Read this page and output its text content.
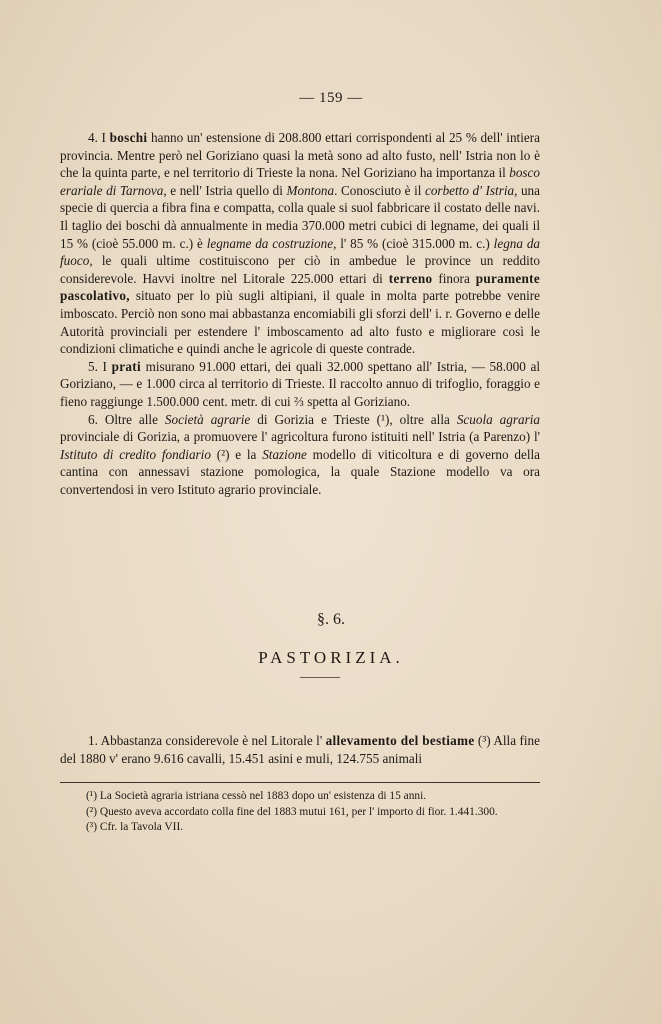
— 159 —

4. I boschi hanno un' estensione di 208.800 ettari corrispondenti al 25 % dell' intiera provincia. Mentre però nel Goriziano quasi la metà sono ad alto fusto, nell' Istria non lo è che la quinta parte, e nel territorio di Trieste la nona. Nel Goriziano ha importanza il bosco erariale di Tarnova, e nell' Istria quello di Montona. Conosciuto è il corbetto d' Istria, una specie di quercia a fibra fina e compatta, colla quale si suol fabbricare il costato delle navi. Il taglio dei boschi dà annualmente in media 370.000 metri cubici di legname, dei quali il 15 % (cioè 55.000 m. c.) è legname da costruzione, l' 85 % (cioè 315.000 m. c.) legna da fuoco, le quali ultime costituiscono per ciò in ambedue le province un reddito considerevole. Havvi inoltre nel Litorale 225.000 ettari di terreno finora puramente pascolativo, situato per lo più sugli altipiani, il quale in molta parte potrebbe venire imboscato. Perciò non sono mai abbastanza encomiabili gli sforzi dell' i. r. Governo e delle Autorità provinciali per estendere l' imboscamento ad alto fusto e migliorare così le condizioni climatiche e quindi anche le agricole di queste contrade.

5. I prati misurano 91.000 ettari, dei quali 32.000 spettano all' Istria, — 58.000 al Goriziano, — e 1.000 circa al territorio di Trieste. Il raccolto annuo di trifoglio, foraggio e fieno raggiunge 1.500.000 cent. metr. di cui ⅔ spetta al Goriziano.

6. Oltre alle Società agrarie di Gorizia e Trieste (¹), oltre alla Scuola agraria provinciale di Gorizia, a promuovere l' agricoltura furono istituiti nell' Istria (a Parenzo) l' Istituto di credito fondiario (²) e la Stazione modello di viticoltura e di governo della cantina con annessavi stazione pomologica, la quale Stazione modello va ora convertendosi in vero Istituto agrario provinciale.

§. 6.
PASTORIZIA.

1. Abbastanza considerevole è nel Litorale l' allevamento del bestiame (³) Alla fine del 1880 v' erano 9.616 cavalli, 15.451 asini e muli, 124.755 animali

(¹) La Società agraria istriana cessò nel 1883 dopo un' esistenza di 15 anni.

(²) Questo aveva accordato colla fine del 1883 mutui 161, per l' importo di fior. 1.441.300.

(³) Cfr. la Tavola VII.
